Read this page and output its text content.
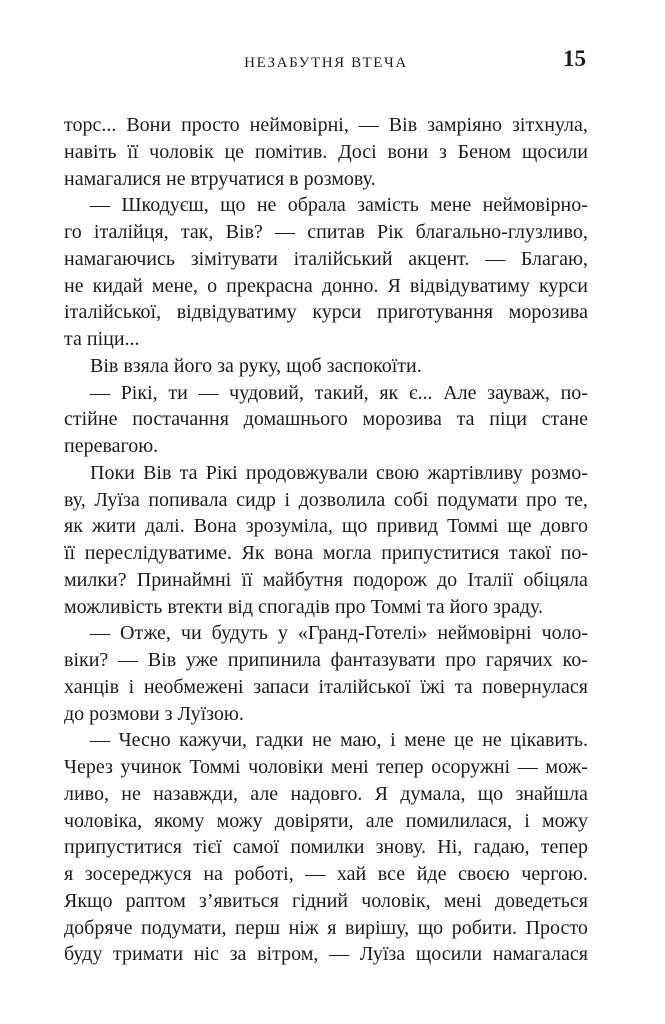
НЕЗАБУТНЯ ВТЕЧА	15
торс... Вони просто неймовірні, — Вів замріяно зітхнула,
навіть її чоловік це помітив. Досі вони з Беном щосили
намагалися не втручатися в розмову.
— Шкодуєш, що не обрала замість мене неймовірно-
го італійця, так, Вів? — спитав Рік благально-глузливо,
намагаючись зімітувати італійський акцент. — Благаю,
не кидай мене, о прекрасна донно. Я відвідуватиму курси
італійської, відвідуватиму курси приготування морозива
та піци...
Вів взяла його за руку, щоб заспокоїти.
— Рікі, ти — чудовий, такий, як є... Але зауваж, по-
стійне постачання домашнього морозива та піци стане
перевагою.
Поки Вів та Рікі продовжували свою жартівливу розмо-
ву, Луїза попивала сидр і дозволила собі подумати про те,
як жити далі. Вона зрозуміла, що привид Томмі ще довго
її переслідуватиме. Як вона могла припуститися такої по-
милки? Принаймні її майбутня подорож до Італії обіцяла
можливість втекти від спогадів про Томмі та його зраду.
— Отже, чи будуть у «Гранд-Готелі» неймовірні чоло-
віки? — Вів уже припинила фантазувати про гарячих ко-
ханців і необмежені запаси італійської їжі та повернулася
до розмови з Луїзою.
— Чесно кажучи, гадки не маю, і мене це не цікавить.
Через учинок Томмі чоловіки мені тепер осоружні — мож-
ливо, не назавжди, але надовго. Я думала, що знайшла
чоловіка, якому можу довіряти, але помилилася, і можу
припуститися тієї самої помилки знову. Ні, гадаю, тепер
я зосереджуся на роботі, — хай все йде своєю чергою.
Якщо раптом з’явиться гідний чоловік, мені доведеться
добряче подумати, перш ніж я вирішу, що робити. Просто
буду тримати ніс за вітром, — Луїза щосили намагалася
